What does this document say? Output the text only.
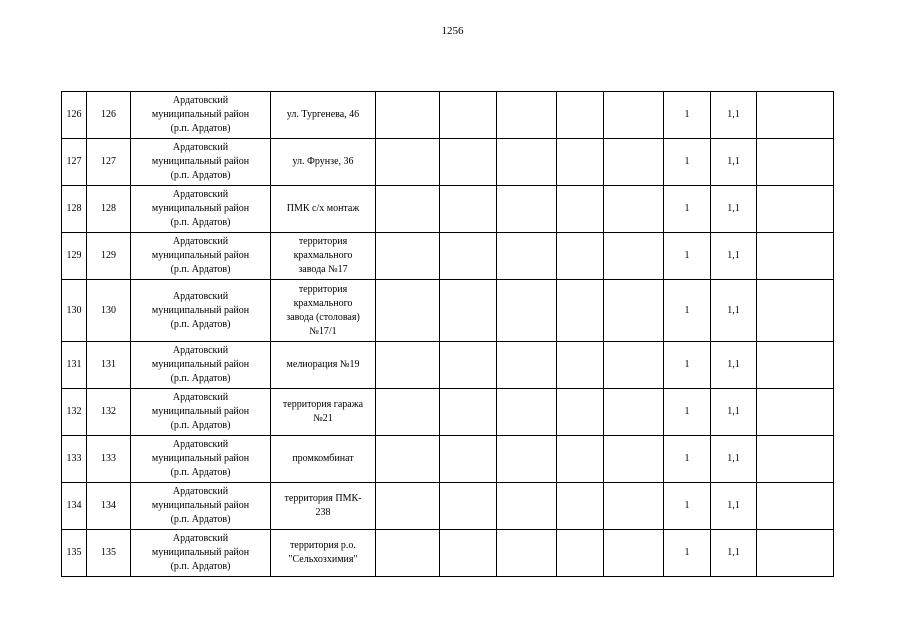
1256
126	126	Ардатовский
муниципальный район
(р.п. Ардатов)	ул. Тургенева, 46						1	1,1	
127	127	Ардатовский
муниципальный район
(р.п. Ардатов)	ул. Фрунзе, 36						1	1,1	
128	128	Ардатовский
муниципальный район
(р.п. Ардатов)	ПМК с/х монтаж						1	1,1	
129	129	Ардатовский
муниципальный район
(р.п. Ардатов)	территория
крахмального
завода №17						1	1,1	
130	130	Ардатовский
муниципальный район
(р.п. Ардатов)	территория
крахмального
завода (столовая)
№17/1						1	1,1	
131	131	Ардатовский
муниципальный район
(р.п. Ардатов)	мелиорация №19						1	1,1	
132	132	Ардатовский
муниципальный район
(р.п. Ардатов)	территория гаража
№21						1	1,1	
133	133	Ардатовский
муниципальный район
(р.п. Ардатов)	промкомбинат						1	1,1	
134	134	Ардатовский
муниципальный район
(р.п. Ардатов)	территория ПМК-
238						1	1,1	
135	135	Ардатовский
муниципальный район
(р.п. Ардатов)	территория р.о.
"Сельхозхимия"						1	1,1	
